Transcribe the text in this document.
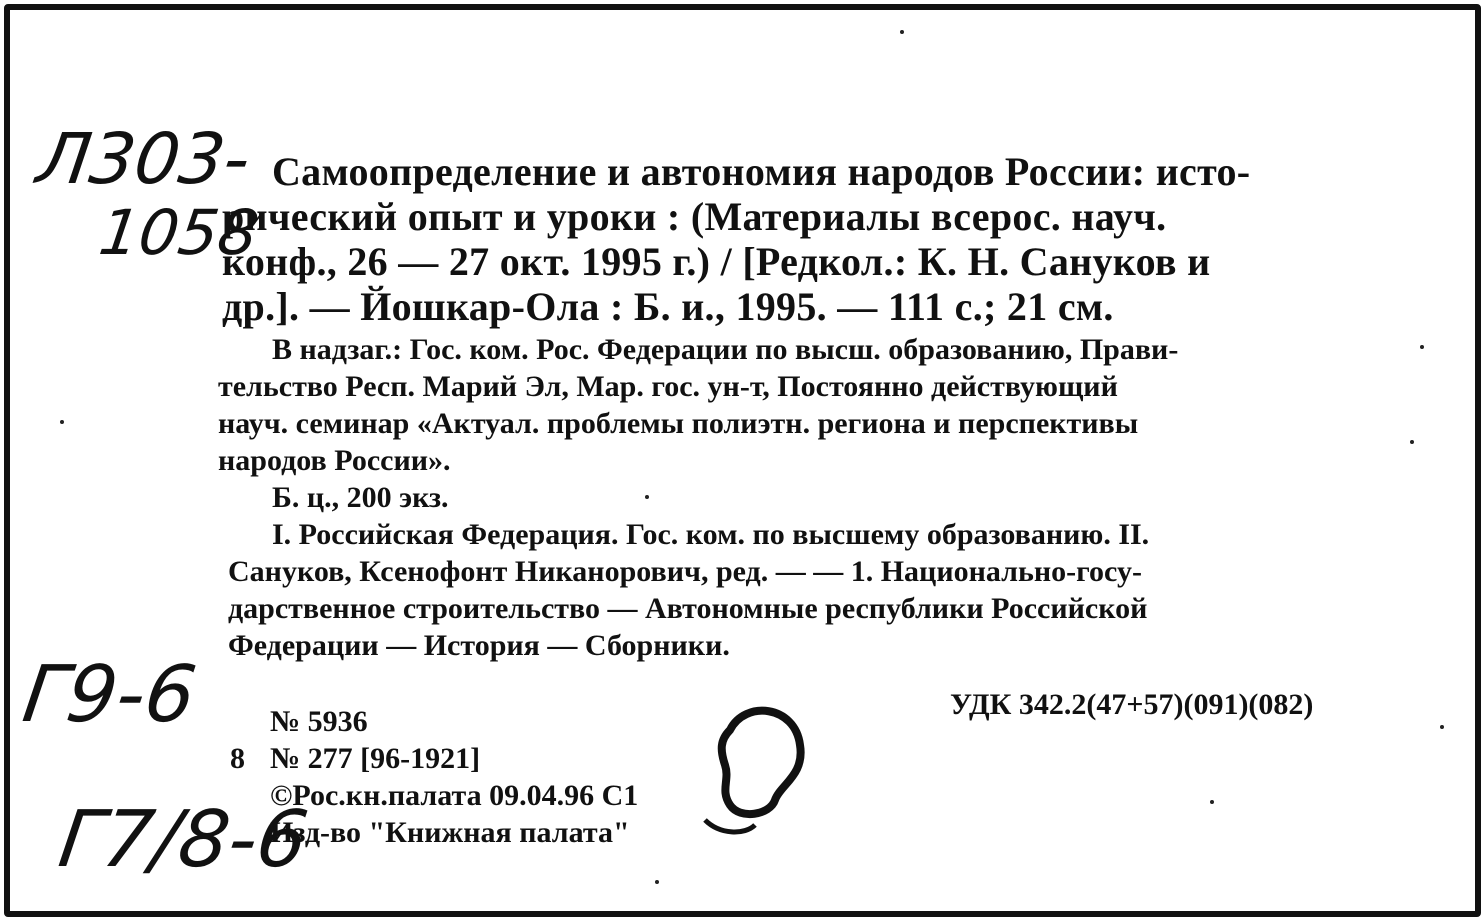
Л303-
1058
Г9-6
Г7/8-6
Самоопределение и автономия народов России: исто-
рический опыт и уроки : (Материалы всерос. науч.
конф., 26 — 27 окт. 1995 г.) / [Редкол.: К. Н. Сануков и
др.]. — Йошкар-Ола : Б. и., 1995. — 111 с.; 21 см.
В надзаг.: Гос. ком. Рос. Федерации по высш. образованию, Прави-
тельство Респ. Марий Эл, Мар. гос. ун-т, Постоянно действующий
науч. семинар «Актуал. проблемы полиэтн. региона и перспективы
народов России».
Б. ц., 200 экз.
I. Российская Федерация. Гос. ком. по высшему образованию. II.
Сануков, Ксенофонт Никанорович, ред. — — 1. Национально-госу-
дарственное строительство — Автономные республики Российской
Федерации — История — Сборники.
№ 5936
8 № 277 [96-1921]
©Рос.кн.палата 09.04.96 С1
Изд-во "Книжная палата"
УДК 342.2(47+57)(091)(082)
